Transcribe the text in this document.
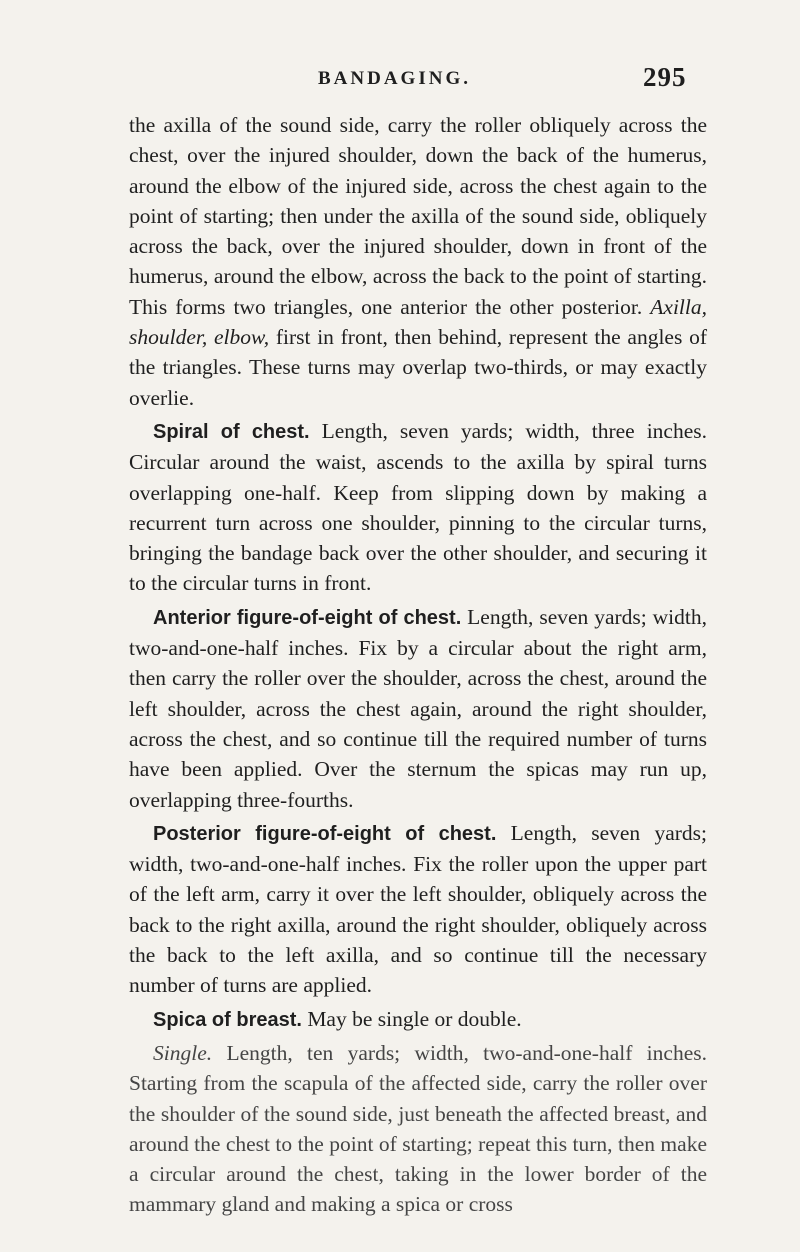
BANDAGING.	295

the axilla of the sound side, carry the roller obliquely across the chest, over the injured shoulder, down the back of the humerus, around the elbow of the injured side, across the chest again to the point of starting; then under the axilla of the sound side, obliquely across the back, over the injured shoulder, down in front of the humerus, around the elbow, across the back to the point of starting. This forms two triangles, one anterior the other posterior. Axilla, shoulder, elbow, first in front, then behind, represent the angles of the triangles. These turns may overlap two-thirds, or may exactly overlie.

Spiral of chest. Length, seven yards; width, three inches. Circular around the waist, ascends to the axilla by spiral turns overlapping one-half. Keep from slipping down by making a recurrent turn across one shoulder, pinning to the circular turns, bringing the bandage back over the other shoulder, and securing it to the circular turns in front.

Anterior figure-of-eight of chest. Length, seven yards; width, two-and-one-half inches. Fix by a circular about the right arm, then carry the roller over the shoulder, across the chest, around the left shoulder, across the chest again, around the right shoulder, across the chest, and so continue till the required number of turns have been applied. Over the sternum the spicas may run up, overlapping three-fourths.

Posterior figure-of-eight of chest. Length, seven yards; width, two-and-one-half inches. Fix the roller upon the upper part of the left arm, carry it over the left shoulder, obliquely across the back to the right axilla, around the right shoulder, obliquely across the back to the left axilla, and so continue till the necessary number of turns are applied.

Spica of breast. May be single or double.

Single. Length, ten yards; width, two-and-one-half inches. Starting from the scapula of the affected side, carry the roller over the shoulder of the sound side, just beneath the affected breast, and around the chest to the point of starting; repeat this turn, then make a circular around the chest, taking in the lower border of the mammary gland and making a spica or cross
